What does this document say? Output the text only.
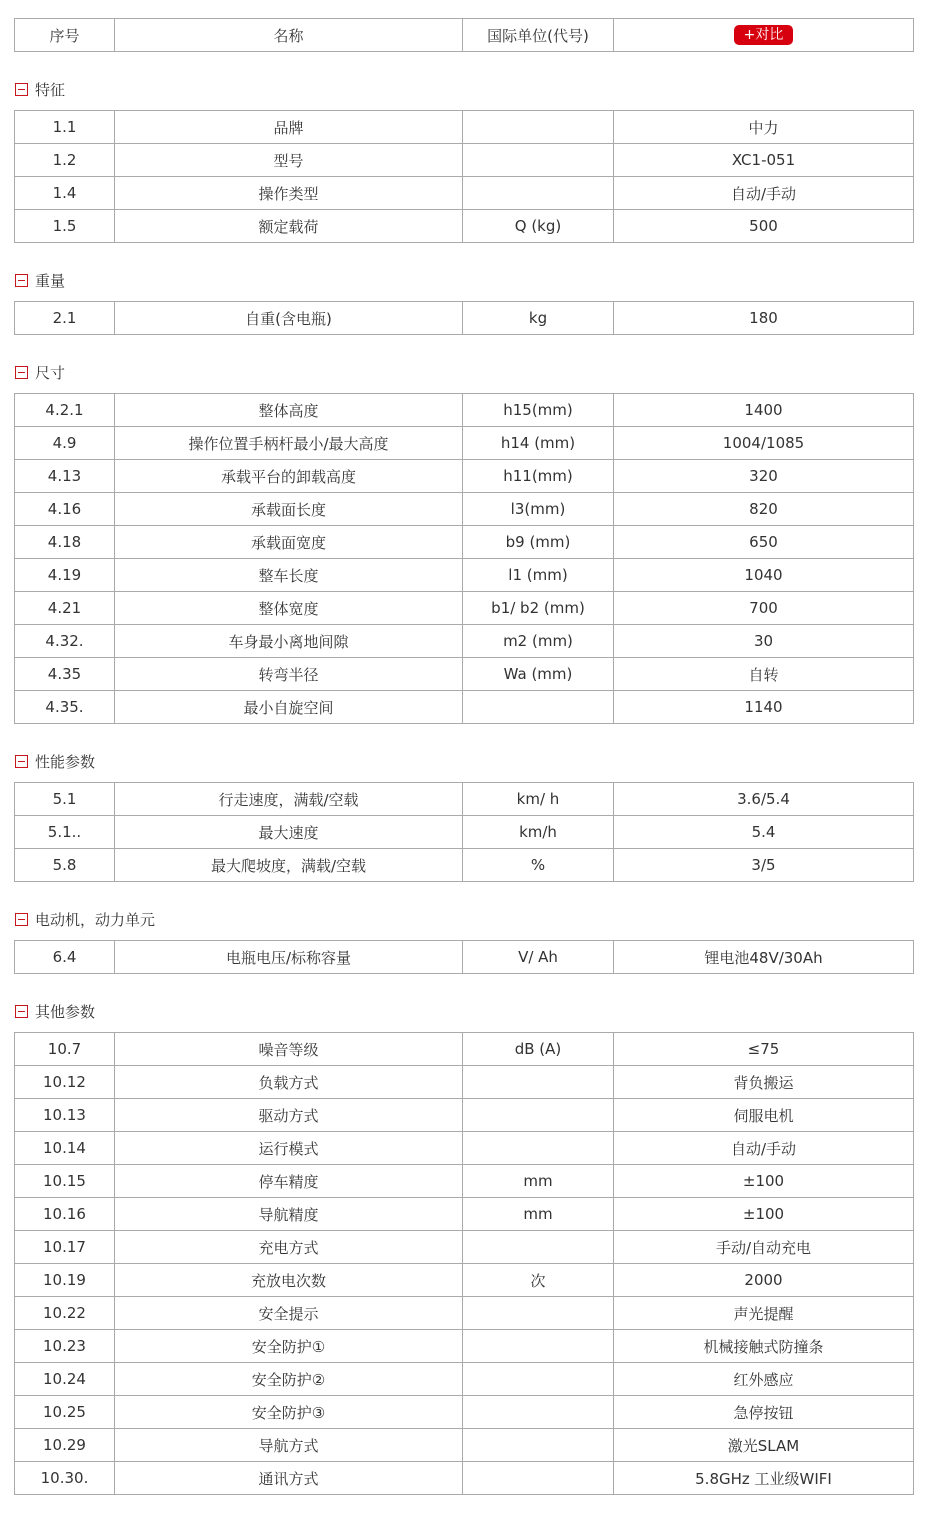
序号	名称	国际单位(代号)	+对比
特征
1.1	品牌		中力
1.2	型号		XC1-051
1.4	操作类型		自动/手动
1.5	额定载荷	Q (kg)	500
重量
2.1	自重(含电瓶)	kg	180
尺寸
4.2.1	整体高度	h15(mm)	1400
4.9	操作位置手柄杆最小/最大高度	h14 (mm)	1004/1085
4.13	承载平台的卸载高度	h11(mm)	320
4.16	承载面长度	l3(mm)	820
4.18	承载面宽度	b9 (mm)	650
4.19	整车长度	l1 (mm)	1040
4.21	整体宽度	b1/ b2 (mm)	700
4.32.	车身最小离地间隙	m2 (mm)	30
4.35	转弯半径	Wa (mm)	自转
4.35.	最小自旋空间		1140
性能参数
5.1	行走速度，满载/空载	km/ h	3.6/5.4
5.1..	最大速度	km/h	5.4
5.8	最大爬坡度，满载/空载	%	3/5
电动机，动力单元
6.4	电瓶电压/标称容量	V/ Ah	锂电池48V/30Ah
其他参数
10.7	噪音等级	dB (A)	≤75
10.12	负载方式		背负搬运
10.13	驱动方式		伺服电机
10.14	运行模式		自动/手动
10.15	停车精度	mm	±100
10.16	导航精度	mm	±100
10.17	充电方式		手动/自动充电
10.19	充放电次数	次	2000
10.22	安全提示		声光提醒
10.23	安全防护①		机械接触式防撞条
10.24	安全防护②		红外感应
10.25	安全防护③		急停按钮
10.29	导航方式		激光SLAM
10.30.	通讯方式		5.8GHz 工业级WIFI
